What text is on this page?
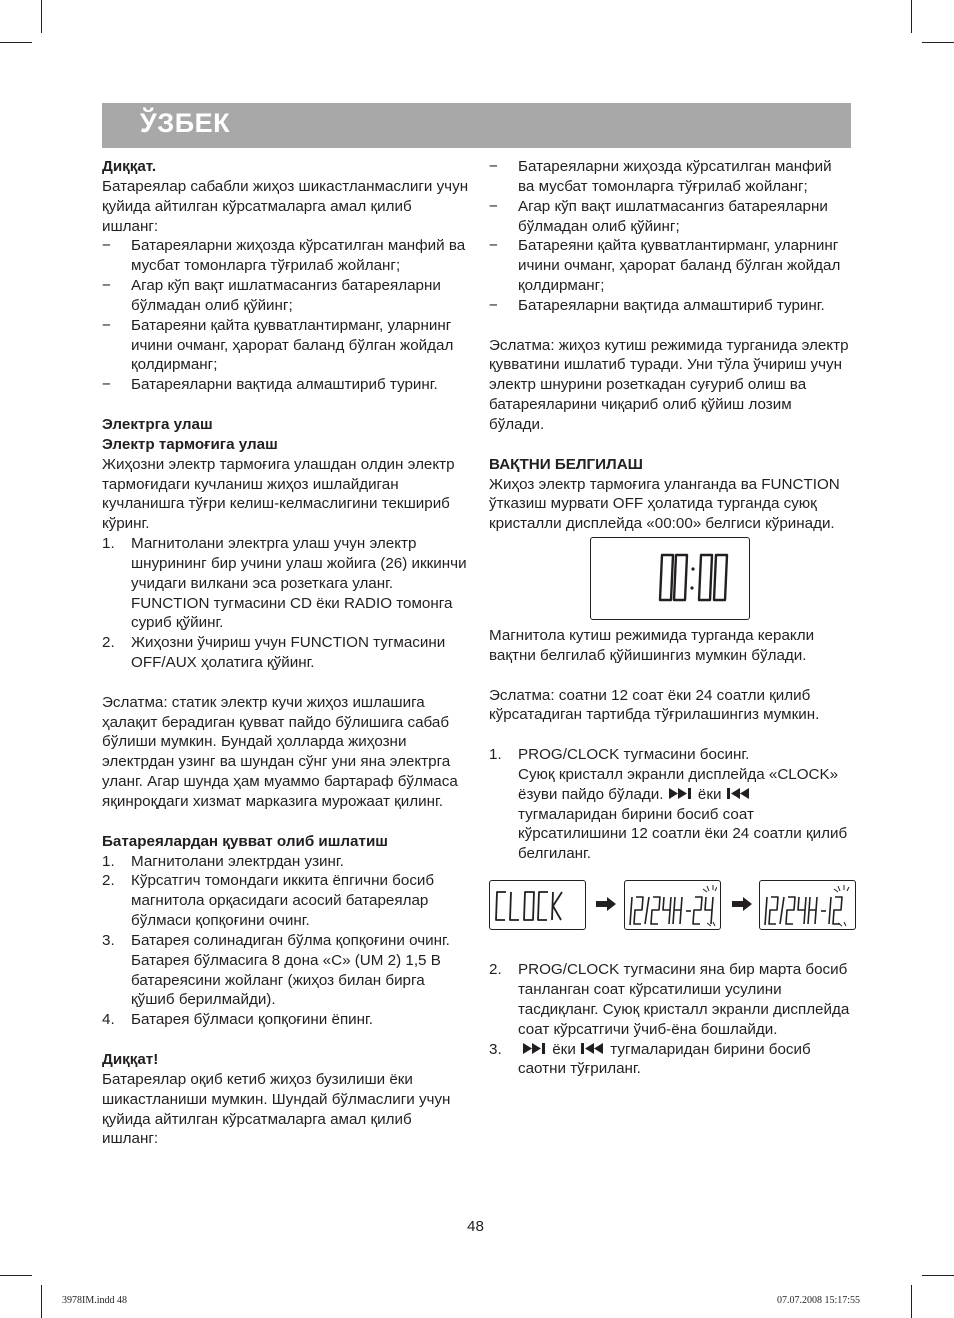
ЎЗБЕК

Диққат.

Батареялар сабабли жиҳоз шикастланмаслиги учун қуйида айтилган кўрсатмаларга амал қилиб ишланг:

− Батареяларни жиҳозда кўрсатилган манфий ва мусбат томонларга тўғрилаб жойланг;
− Агар кўп вақт ишлатмасангиз батареяларни бўлмадан олиб қўйинг;
− Батареяни қайта қувватлантирманг, уларнинг ичини очманг, ҳарорат баланд бўлган жойдал қолдирманг;
− Батареяларни вақтида алмаштириб туринг.

Электрга улаш

Электр тармоғига улаш

Жиҳозни электр тармоғига улашдан олдин электр тармоғидаги кучланиш жиҳоз ишлайдиган кучланишга тўғри келиш-келмаслигини текшириб кўринг.

1. Магнитолани электрга улаш учун электр шнурининг бир учини улаш жойига (26) иккинчи учидаги вилкани эса розеткага уланг. FUNCTION тугмасини CD ёки RADIO томонга суриб қўйинг.
2. Жиҳозни ўчириш учун FUNCTION тугмасини OFF/AUX ҳолатига қўйинг.

Эслатма: статик электр кучи жиҳоз ишлашига ҳалақит берадиган қувват пайдо бўлишига сабаб бўлиши мумкин. Бундай ҳолларда жиҳозни электрдан узинг ва шундан сўнг уни яна электрга уланг. Агар шунда ҳам муаммо бартараф бўлмаса яқинроқдаги хизмат марказига мурожаат қилинг.

Батареялардан қувват олиб ишлатиш

1. Магнитолани электрдан узинг.
2. Кўрсатгич томондаги иккита ёпгични босиб магнитола орқасидаги асосий батареялар бўлмаси қопқоғини очинг.
3. Батарея солинадиган бўлма қопқоғини очинг. Батарея бўлмасига 8 дона «C» (UM 2) 1,5 В батареясини жойланг (жиҳоз билан бирга қўшиб берилмайди).
4. Батарея бўлмаси қопқоғини ёпинг.

Диққат!

Батареялар оқиб кетиб жиҳоз бузилиши ёки шикастланиши мумкин. Шундай бўлмаслиги учун қуйида айтилган кўрсатмаларга амал қилиб ишланг:

− Батареяларни жиҳозда кўрсатилган манфий ва мусбат томонларга тўғрилаб жойланг;
− Агар кўп вақт ишлатмасангиз батареяларни бўлмадан олиб қўйинг;
− Батареяни қайта қувватлантирманг, уларнинг ичини очманг, ҳарорат баланд бўлган жойдал қолдирманг;
− Батареяларни вақтида алмаштириб туринг.

Эслатма: жиҳоз кутиш режимида турганида электр қувватини ишлатиб туради. Уни тўла ўчириш учун электр шнурини розеткадан суғуриб олиш ва батареяларини чиқариб олиб қўйиш лозим бўлади.

ВАҚТНИ БЕЛГИЛАШ

Жиҳоз электр тармоғига уланганда ва FUNCTION ўтказиш мурвати OFF ҳолатида турганда суюқ кристалли дисплейда «00:00» белгиси кўринади.

Магнитола кутиш режимида турганда керакли вақтни белгилаб қўйишингиз мумкин бўлади.

Эслатма: соатни 12 соат ёки 24 соатли қилиб кўрсатадиган тартибда тўғрилашингиз мумкин.

1. PROG/CLOCK тугмасини босинг.
Суюқ кристалл экранли дисплейда «CLOCK» ёзуви пайдо бўлади. ёки  тугмаларидан бирини босиб соат кўрсатилишини 12 соатли ёки 24 соатли қилиб белгиланг.
2. PROG/CLOCK тугмасини яна бир марта босиб танланган соат кўрсатилиши усулини тасдиқланг. Суюқ кристалл экранли дисплейда соат кўрсатгичи ўчиб-ёна бошлайди.
3.	ёки тугмаларидан бирини босиб саотни тўғриланг.
48
3978IM.indd 48	07.07.2008 15:17:55
